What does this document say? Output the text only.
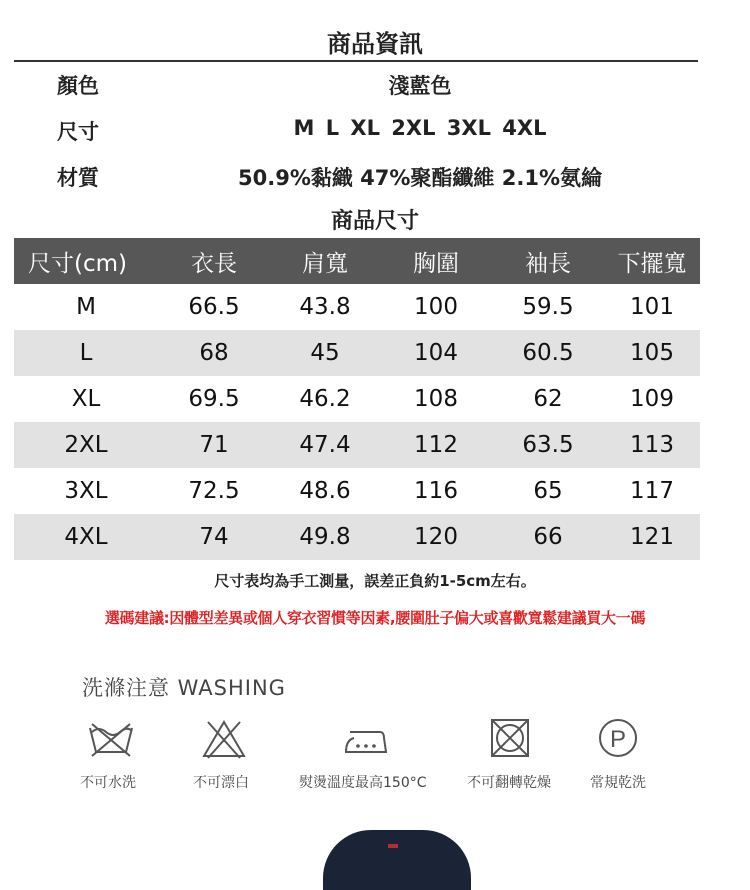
商品資訊
顏色	淺藍色
尺寸	M L XL 2XL 3XL 4XL
材質	50.9%黏織 47%聚酯纖維 2.1%氨綸
商品尺寸
尺寸(cm)	衣長	肩寬	胸圍	袖長	下擺寬
M	66.5	43.8	100	59.5	101
L	68	45	104	60.5	105
XL	69.5	46.2	108	62	109
2XL	71	47.4	112	63.5	113
3XL	72.5	48.6	116	65	117
4XL	74	49.8	120	66	121
尺寸表均為手工測量，誤差正負約1-5cm左右。
選碼建議:因體型差異或個人穿衣習慣等因素,腰圍肚子偏大或喜歡寬鬆建議買大一碼
洗滌注意 WASHING
P
不可水洗	不可漂白	熨燙溫度最高150°C	不可翻轉乾燥	常規乾洗
